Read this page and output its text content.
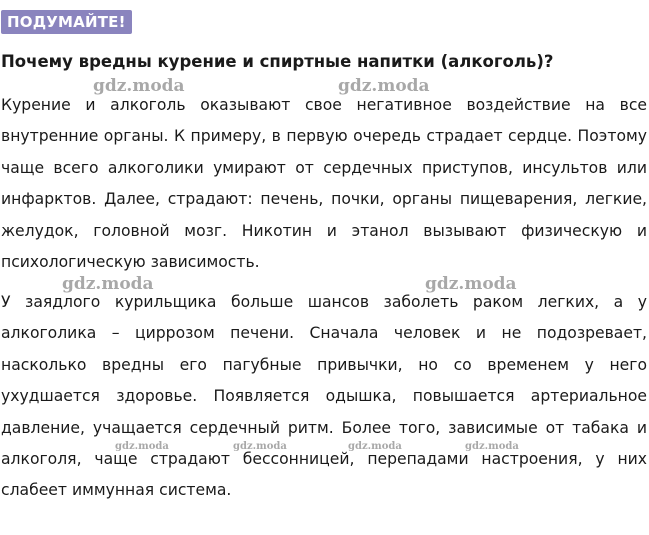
ПОДУМАЙТЕ!
Почему вредны курение и спиртные напитки (алкоголь)?

Курение и алкоголь оказывают свое негативное воздействие на все внутренние органы. К примеру, в первую очередь страдает сердце. Поэтому чаще всего алкоголики умирают от сердечных приступов, инсультов или инфарктов. Далее, страдают: печень, почки, органы пищеварения, легкие, желудок, головной мозг. Никотин и этанол вызывают физическую и психологическую зависимость.

У заядлого курильщика больше шансов заболеть раком легких, а у алкоголика – циррозом печени. Сначала человек и не подозревает, насколько вредны его пагубные привычки, но со временем у него ухудшается здоровье. Появляется одышка, повышается артериальное давление, учащается сердечный ритм. Более того, зависимые от табака и алкоголя, чаще страдают бессонницей, перепадами настроения, у них слабеет иммунная система.

gdz.moda	gdz.moda
gdz.moda	gdz.moda
gdz.moda	gdz.moda	gdz.moda	gdz.moda
